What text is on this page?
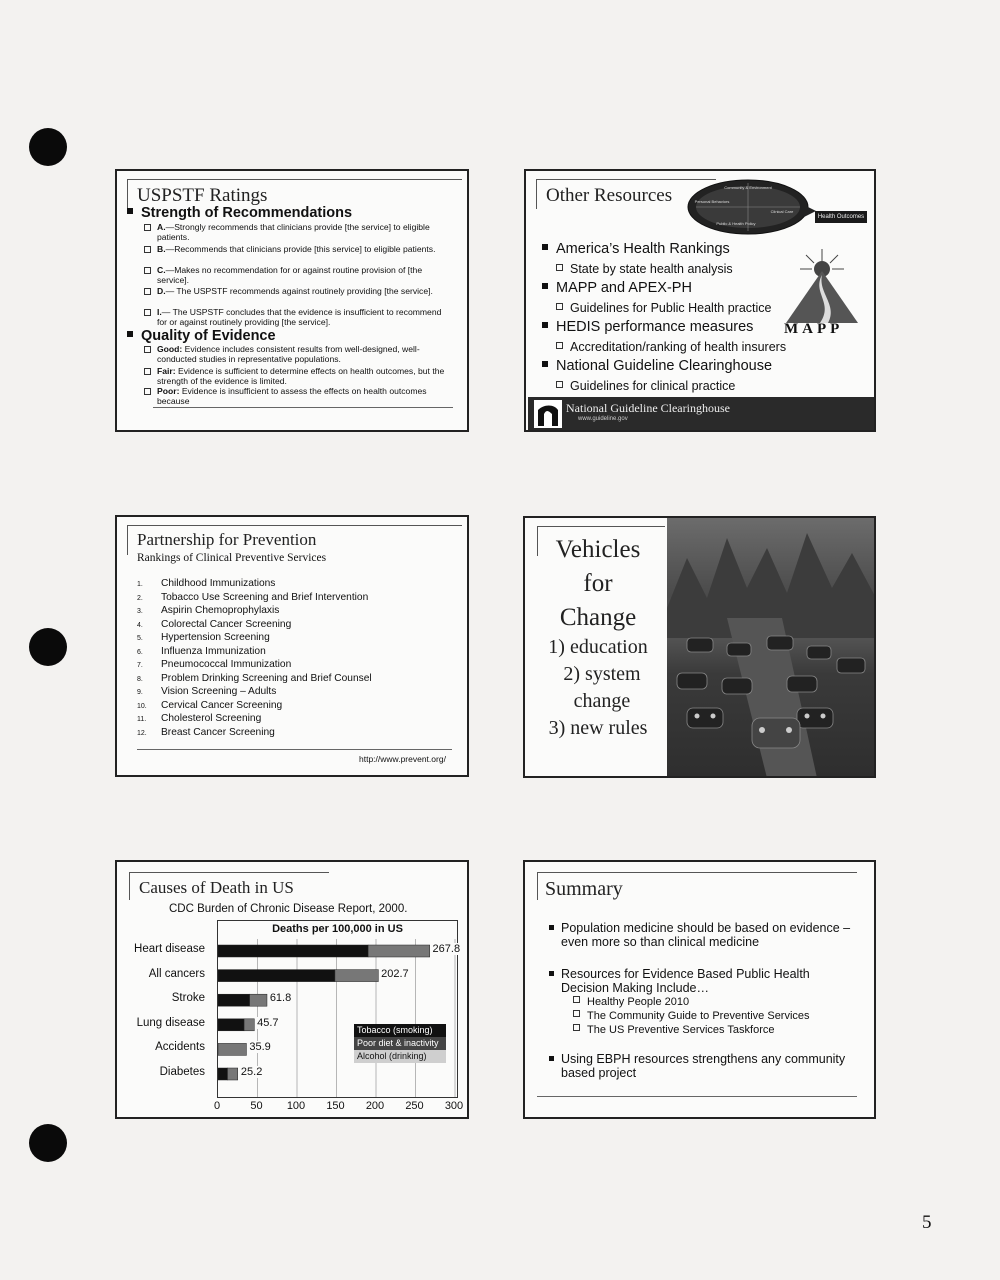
USPSTF Ratings
Strength of Recommendations
A.—Strongly recommends that clinicians provide [the service] to eligible patients.
B.—Recommends that clinicians provide [this service] to eligible patients.
C.—Makes no recommendation for or against routine provision of [the service].
D.— The USPSTF recommends against routinely providing [the service].
I.— The USPSTF concludes that the evidence is insufficient to recommend for or against routinely providing [the service].
Quality of Evidence
Good: Evidence includes consistent results from well-designed, well-conducted studies in representative populations.
Fair: Evidence is sufficient to determine effects on health outcomes, but the strength of the evidence is limited.
Poor: Evidence is insufficient to assess the effects on health outcomes because
Other Resources	Community & Environment
Personal Behaviors
Clinical Care
Public & Health Policy
Health Outcomes
America’s Health Rankings
State by state health analysis
MAPP and APEX-PH
Guidelines for Public Health practice
HEDIS performance measures
Accreditation/ranking of health insurers
National Guideline Clearinghouse
Guidelines for clinical practice
MAPP
National Guideline Clearinghouse
www.guideline.gov
Partnership for Prevention
Rankings of Clinical Preventive Services
1. Childhood Immunizations
2. Tobacco Use Screening and Brief Intervention
3. Aspirin Chemoprophylaxis
4. Colorectal Cancer Screening
5. Hypertension Screening
6. Influenza Immunization
7. Pneumococcal Immunization
8. Problem Drinking Screening and Brief Counsel
9. Vision Screening – Adults
10. Cervical Cancer Screening
11. Cholesterol Screening
12. Breast Cancer Screening
http://www.prevent.org/
Vehicles
for
Change
1) education
2) system
change
3) new rules
Causes of Death in US
CDC Burden of Chronic Disease Report, 2000.
Deaths per 100,000 in US
Tobacco (smoking)
Poor diet & inactivity
Alcohol (drinking)
Heart disease	267.8
All cancers	202.7
Stroke	61.8
Lung disease	45.7
Accidents	35.9
Diabetes	25.2
0	50	100	150	200	250	300
Summary
Population medicine should be based on evidence – even more so than clinical medicine
Resources for Evidence Based Public Health Decision Making Include…
Healthy People 2010
The Community Guide to Preventive Services
The US Preventive Services Taskforce
Using EBPH resources strengthens any community based project
5
